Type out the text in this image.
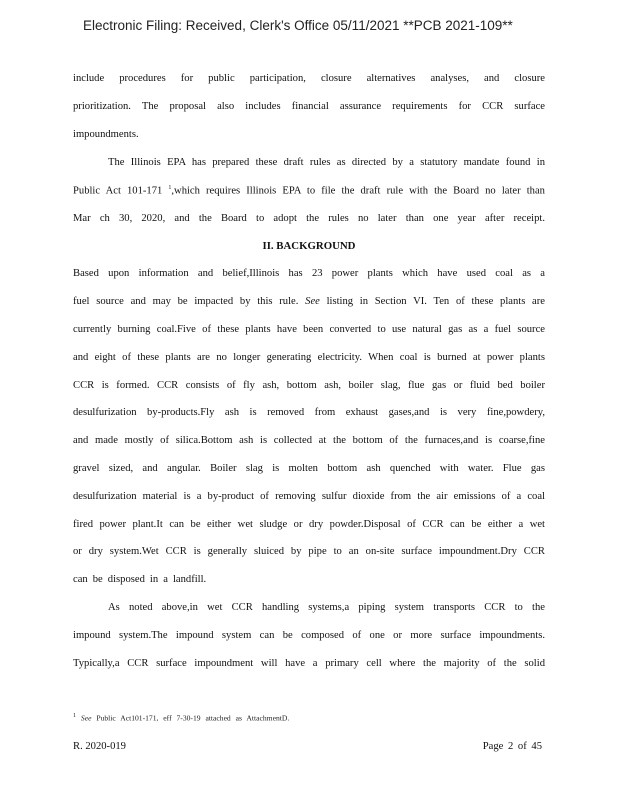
Electronic Filing: Received, Clerk's Office 05/11/2021 **PCB 2021-109**
include procedures for public participation, closure alternatives analyses, and closure
prioritization. The proposal also includes financial assurance requirements for CCR surface
impoundments.
The Illinois EPA has prepared these draft rules as directed by a statutory mandate found in
Public Act 101-171 $^1$,which requires Illinois EPA to file the draft rule with the Board no later than
Mar ch 30, 2020, and the Board to adopt the rules no later than one year after receipt.
II. BACKGROUND
Based upon information and belief,Illinois has 23 power plants which have used coal as a
fuel source and may be impacted by this rule. See listing in Section VI. Ten of these plants are
currently burning coal.Five of these plants have been converted to use natural gas as a fuel source
and eight of these plants are no longer generating electricity. When coal is burned at power plants
CCR is formed. CCR consists of fly ash, bottom ash, boiler slag, flue gas or fluid bed boiler
desulfurization by-products.Fly ash is removed from exhaust gases,and is very fine,powdery,
and made mostly of silica.Bottom ash is collected at the bottom of the furnaces,and is coarse,fine
gravel sized, and angular. Boiler slag is molten bottom ash quenched with water. Flue gas
desulfurization material is a by-product of removing sulfur dioxide from the air emissions of a coal
fired power plant.It can be either wet sludge or dry powder.Disposal of CCR can be either a wet
or dry system.Wet CCR is generally sluiced by pipe to an on-site surface impoundment.Dry CCR
can be disposed in a landfill.
As noted above,in wet CCR handling systems,a piping system transports CCR to the
impound system.The impound system can be composed of one or more surface impoundments.
Typically,a CCR surface impoundment will have a primary cell where the majority of the solid
$^1$ See Public Act101-171, eff 7-30-19 attached as AttachmentD.
R. 2020-019	Page 2 of 45
